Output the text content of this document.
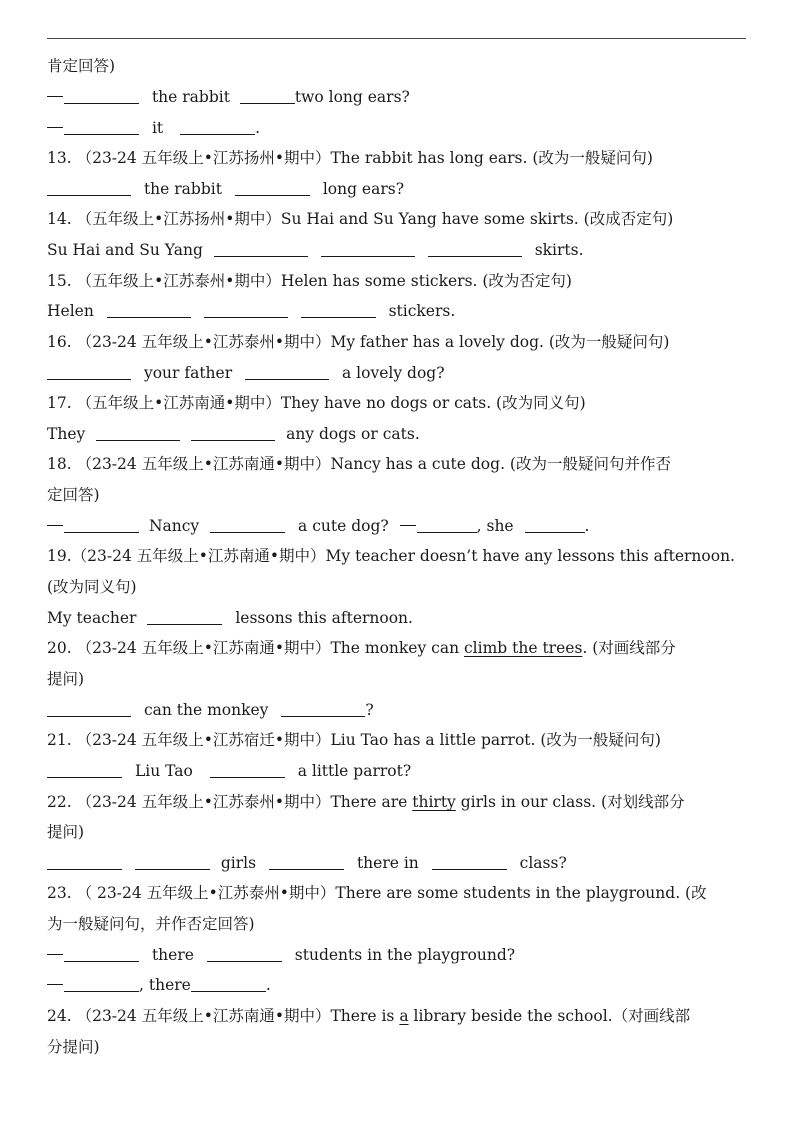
肯定回答)
the rabbit	two long ears?
it	.
13. （23-24 五年级上•江苏扬州•期中）The rabbit has long ears. (改为一般疑问句)
the rabbit	long ears?
14. （五年级上•江苏扬州•期中）Su Hai and Su Yang have some skirts. (改成否定句)
Su Hai and Su Yang	skirts.
15. （五年级上•江苏泰州•期中）Helen has some stickers. (改为否定句)
Helen	stickers.
16. （23-24 五年级上•江苏泰州•期中）My father has a lovely dog. (改为一般疑问句)
your father	a lovely dog?
17. （五年级上•江苏南通•期中）They have no dogs or cats. (改为同义句)
They	any dogs or cats.
18. （23-24 五年级上•江苏南通•期中）Nancy has a cute dog. (改为一般疑问句并作否
定回答)
Nancy	a cute dog?	, she	.
19.（23-24 五年级上•江苏南通•期中）My teacher doesn’t have any lessons this afternoon.
(改为同义句)
My teacher	lessons this afternoon.
20. （23-24 五年级上•江苏南通•期中）The monkey can climb the trees. (对画线部分
提问)
can the monkey	?
21. （23-24 五年级上•江苏宿迁•期中）Liu Tao has a little parrot. (改为一般疑问句)
Liu Tao	a little parrot?
22. （23-24 五年级上•江苏泰州•期中）There are thirty girls in our class. (对划线部分
提问)
girls	there in	class?
23. （ 23-24 五年级上•江苏泰州•期中）There are some students in the playground. (改
为一般疑问句，并作否定回答)
there	students in the playground?
, there	.
24. （23-24 五年级上•江苏南通•期中）There is a library beside the school.（对画线部
分提问)
